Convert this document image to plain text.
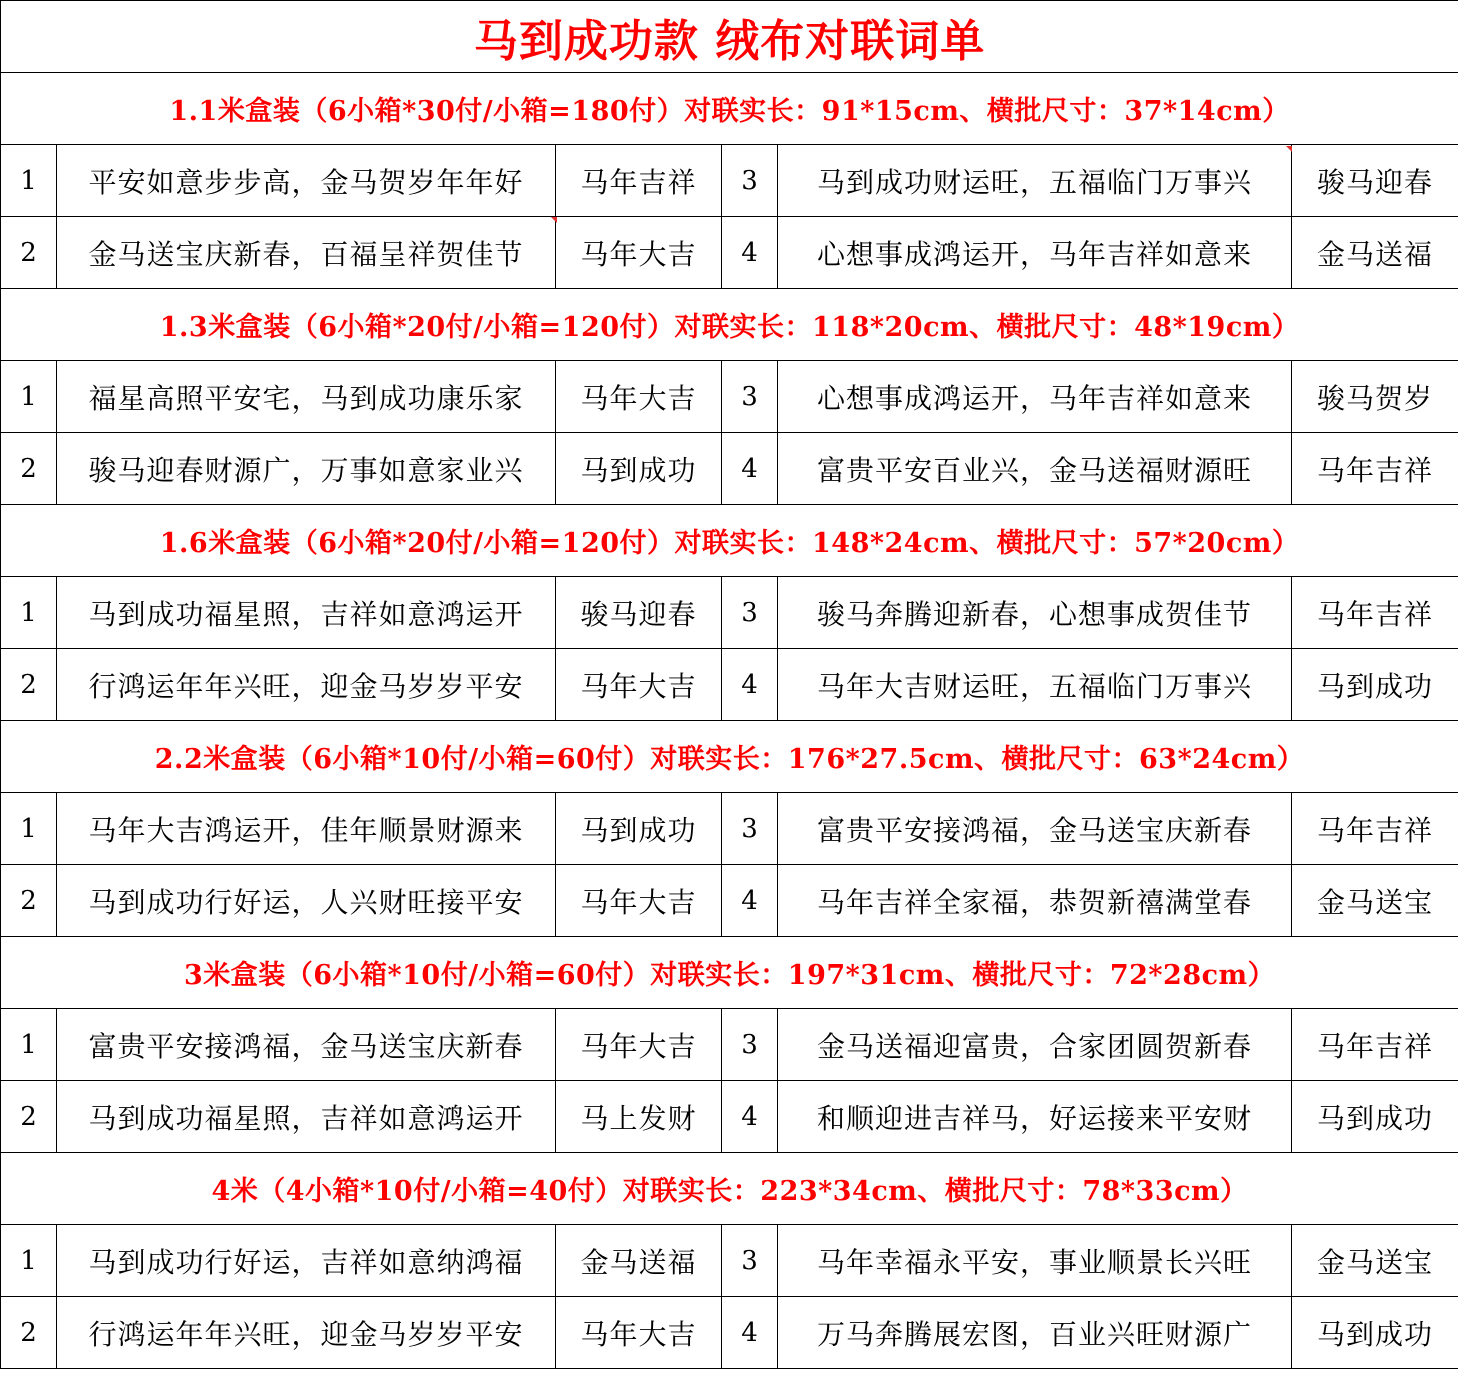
马到成功款 绒布对联词单					
1.1米盒装（6小箱*30付/小箱=180付）对联实长：91*15cm、横批尺寸：37*14cm）					
1	平安如意步步高，金马贺岁年年好	马年吉祥	3	马到成功财运旺，五福临门万事兴	骏马迎春
2	金马送宝庆新春，百福呈祥贺佳节	马年大吉	4	心想事成鸿运开，马年吉祥如意来	金马送福
1.3米盒装（6小箱*20付/小箱=120付）对联实长：118*20cm、横批尺寸：48*19cm）					
1	福星高照平安宅，马到成功康乐家	马年大吉	3	心想事成鸿运开，马年吉祥如意来	骏马贺岁
2	骏马迎春财源广，万事如意家业兴	马到成功	4	富贵平安百业兴，金马送福财源旺	马年吉祥
1.6米盒装（6小箱*20付/小箱=120付）对联实长：148*24cm、横批尺寸：57*20cm）					
1	马到成功福星照，吉祥如意鸿运开	骏马迎春	3	骏马奔腾迎新春，心想事成贺佳节	马年吉祥
2	行鸿运年年兴旺，迎金马岁岁平安	马年大吉	4	马年大吉财运旺，五福临门万事兴	马到成功
2.2米盒装（6小箱*10付/小箱=60付）对联实长：176*27.5cm、横批尺寸：63*24cm）					
1	马年大吉鸿运开，佳年顺景财源来	马到成功	3	富贵平安接鸿福，金马送宝庆新春	马年吉祥
2	马到成功行好运，人兴财旺接平安	马年大吉	4	马年吉祥全家福，恭贺新禧满堂春	金马送宝
3米盒装（6小箱*10付/小箱=60付）对联实长：197*31cm、横批尺寸：72*28cm）					
1	富贵平安接鸿福，金马送宝庆新春	马年大吉	3	金马送福迎富贵，合家团圆贺新春	马年吉祥
2	马到成功福星照，吉祥如意鸿运开	马上发财	4	和顺迎进吉祥马，好运接来平安财	马到成功
4米（4小箱*10付/小箱=40付）对联实长：223*34cm、横批尺寸：78*33cm）					
1	马到成功行好运，吉祥如意纳鸿福	金马送福	3	马年幸福永平安，事业顺景长兴旺	金马送宝
2	行鸿运年年兴旺，迎金马岁岁平安	马年大吉	4	万马奔腾展宏图，百业兴旺财源广	马到成功
